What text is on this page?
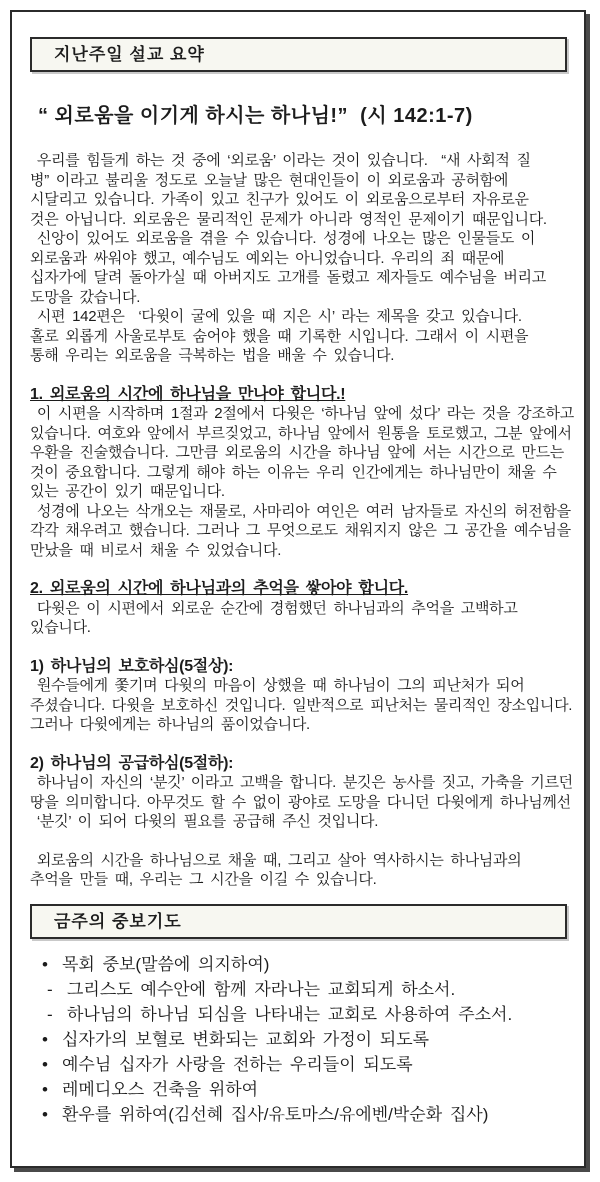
지난주일 설교 요약
“ 외로움을 이기게 하시는 하나님!”  (시 142:1-7)
우리를 힘들게 하는 것 중에 ‘외로움’ 이라는 것이 있습니다.  “새 사회적 질
병” 이라고 불리울 정도로 오늘날 많은 현대인들이 이 외로움과 공허함에
시달리고 있습니다. 가족이 있고 친구가 있어도 이 외로움으로부터 자유로운
것은 아닙니다. 외로움은 물리적인 문제가 아니라 영적인 문제이기 때문입니다.
신앙이 있어도 외로움을 겪을 수 있습니다. 성경에 나오는 많은 인물들도 이
외로움과 싸워야 했고, 예수님도 예외는 아니었습니다. 우리의 죄 때문에
십자가에 달려 돌아가실 때 아버지도 고개를 돌렸고 제자들도 예수님을 버리고
도망을 갔습니다.
시편 142편은  ‘다윗이 굴에 있을 때 지은 시’ 라는 제목을 갖고 있습니다.
홀로 외롭게 사울로부토 숨어야 했을 때 기록한 시입니다. 그래서 이 시편을
통해 우리는 외로움을 극복하는 법을 배울 수 있습니다.
1. 외로움의 시간에 하나님을 만나야 합니다.!
이 시편을 시작하며 1절과 2절에서 다윗은 ‘하나님 앞에 섰다’ 라는 것을 강조하고
있습니다. 여호와 앞에서 부르짖었고, 하나님 앞에서 원통을 토로했고, 그분 앞에서
우환을 진술했습니다. 그만큼 외로움의 시간을 하나님 앞에 서는 시간으로 만드는
것이 중요합니다. 그렇게 해야 하는 이유는 우리 인간에게는 하나님만이 채울 수
있는 공간이 있기 때문입니다.
성경에 나오는 삭개오는 재물로, 사마리아 여인은 여러 남자들로 자신의 허전함을
각각 채우려고 했습니다. 그러나 그 무엇으로도 채워지지 않은 그 공간을 예수님을
만났을 때 비로서 채울 수 있었습니다.
2. 외로움의 시간에 하나님과의 추억을 쌓아야 합니다.
다윗은 이 시편에서 외로운 순간에 경험했던 하나님과의 추억을 고백하고
있습니다.
1) 하나님의 보호하심(5절상):
원수들에게 쫓기며 다윗의 마음이 상했을 때 하나님이 그의 피난처가 되어
주셨습니다. 다윗을 보호하신 것입니다. 일반적으로 피난처는 물리적인 장소입니다.
그러나 다윗에게는 하나님의 품이었습니다.
2) 하나님의 공급하심(5절하):
하나님이 자신의 ‘분깃’ 이라고 고백을 합니다. 분깃은 농사를 짓고, 가축을 기르던
땅을 의미합니다. 아무것도 할 수 없이 광야로 도망을 다니던 다윗에게 하나님께선
‘분깃’ 이 되어 다윗의 필요를 공급해 주신 것입니다.
외로움의 시간을 하나님으로 채울 때, 그리고 살아 역사하시는 하나님과의
추억을 만들 때, 우리는 그 시간을 이길 수 있습니다.
금주의 중보기도
• 목회 중보(말씀에 의지하여)
- 그리스도 예수안에 함께 자라나는 교회되게 하소서.
- 하나님의 하나님 되심을 나타내는 교회로 사용하여 주소서.
• 십자가의 보혈로 변화되는 교회와 가정이 되도록
• 예수님 십자가 사랑을 전하는 우리들이 되도록
• 레메디오스 건축을 위하여
• 환우를 위하여(김선혜 집사/유토마스/유에벤/박순화 집사)
